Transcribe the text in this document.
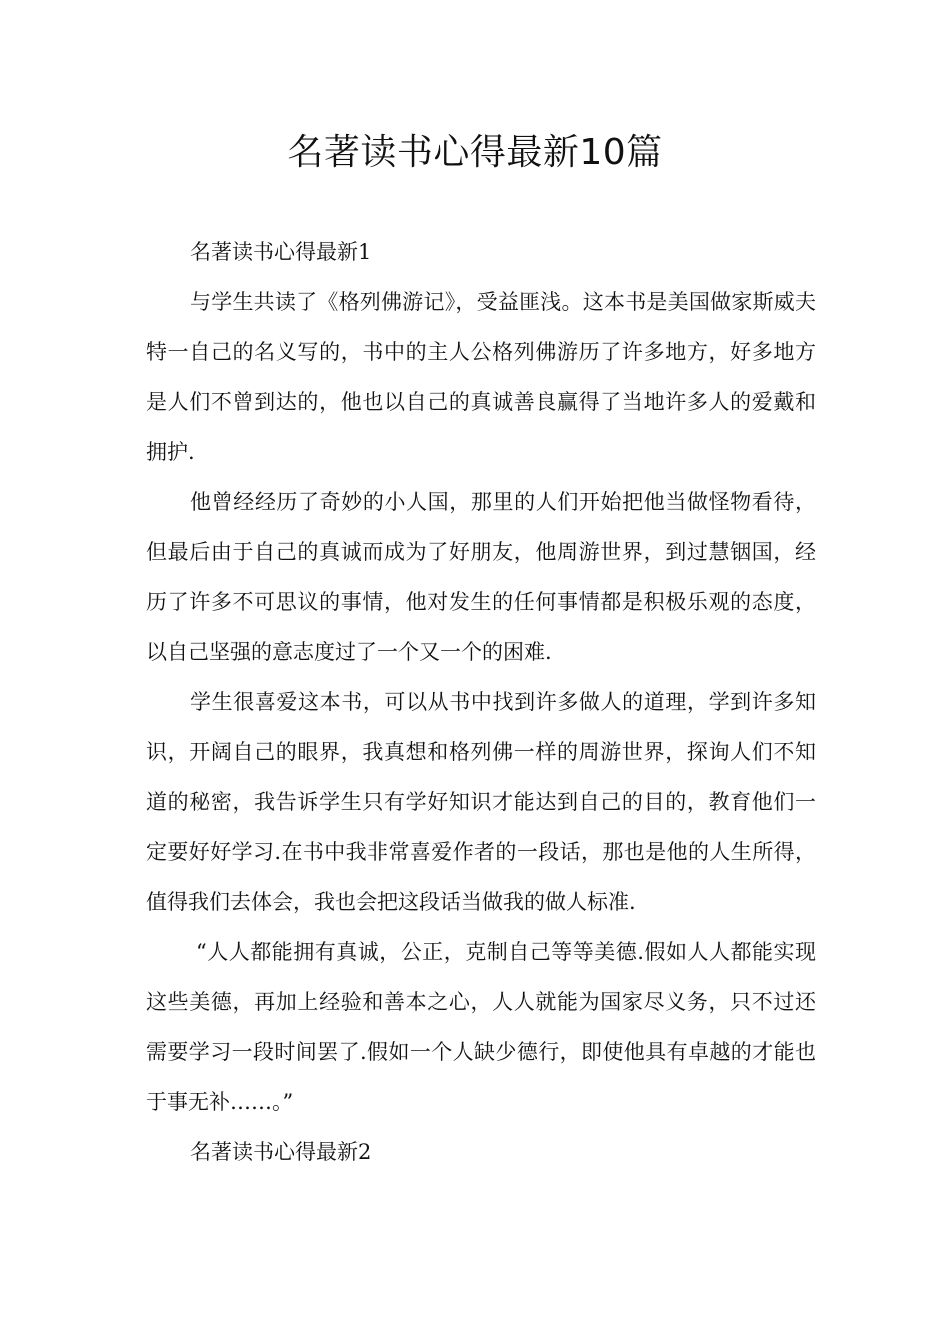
名著读书心得最新10篇

名著读书心得最新1

与学生共读了《格列佛游记》，受益匪浅。这本书是美国做家斯威夫特一自己的名义写的，书中的主人公格列佛游历了许多地方，好多地方是人们不曾到达的，他也以自己的真诚善良赢得了当地许多人的爱戴和拥护.

他曾经经历了奇妙的小人国，那里的人们开始把他当做怪物看待，但最后由于自己的真诚而成为了好朋友，他周游世界，到过慧铟国，经历了许多不可思议的事情，他对发生的任何事情都是积极乐观的态度，以自己坚强的意志度过了一个又一个的困难.

学生很喜爱这本书，可以从书中找到许多做人的道理，学到许多知识，开阔自己的眼界，我真想和格列佛一样的周游世界，探询人们不知道的秘密，我告诉学生只有学好知识才能达到自己的目的，教育他们一定要好好学习.在书中我非常喜爱作者的一段话，那也是他的人生所得，值得我们去体会，我也会把这段话当做我的做人标准.

“人人都能拥有真诚，公正，克制自己等等美德.假如人人都能实现这些美德，再加上经验和善本之心，人人就能为国家尽义务，只不过还需要学习一段时间罢了.假如一个人缺少德行，即使他具有卓越的才能也于事无补……。”

名著读书心得最新2
